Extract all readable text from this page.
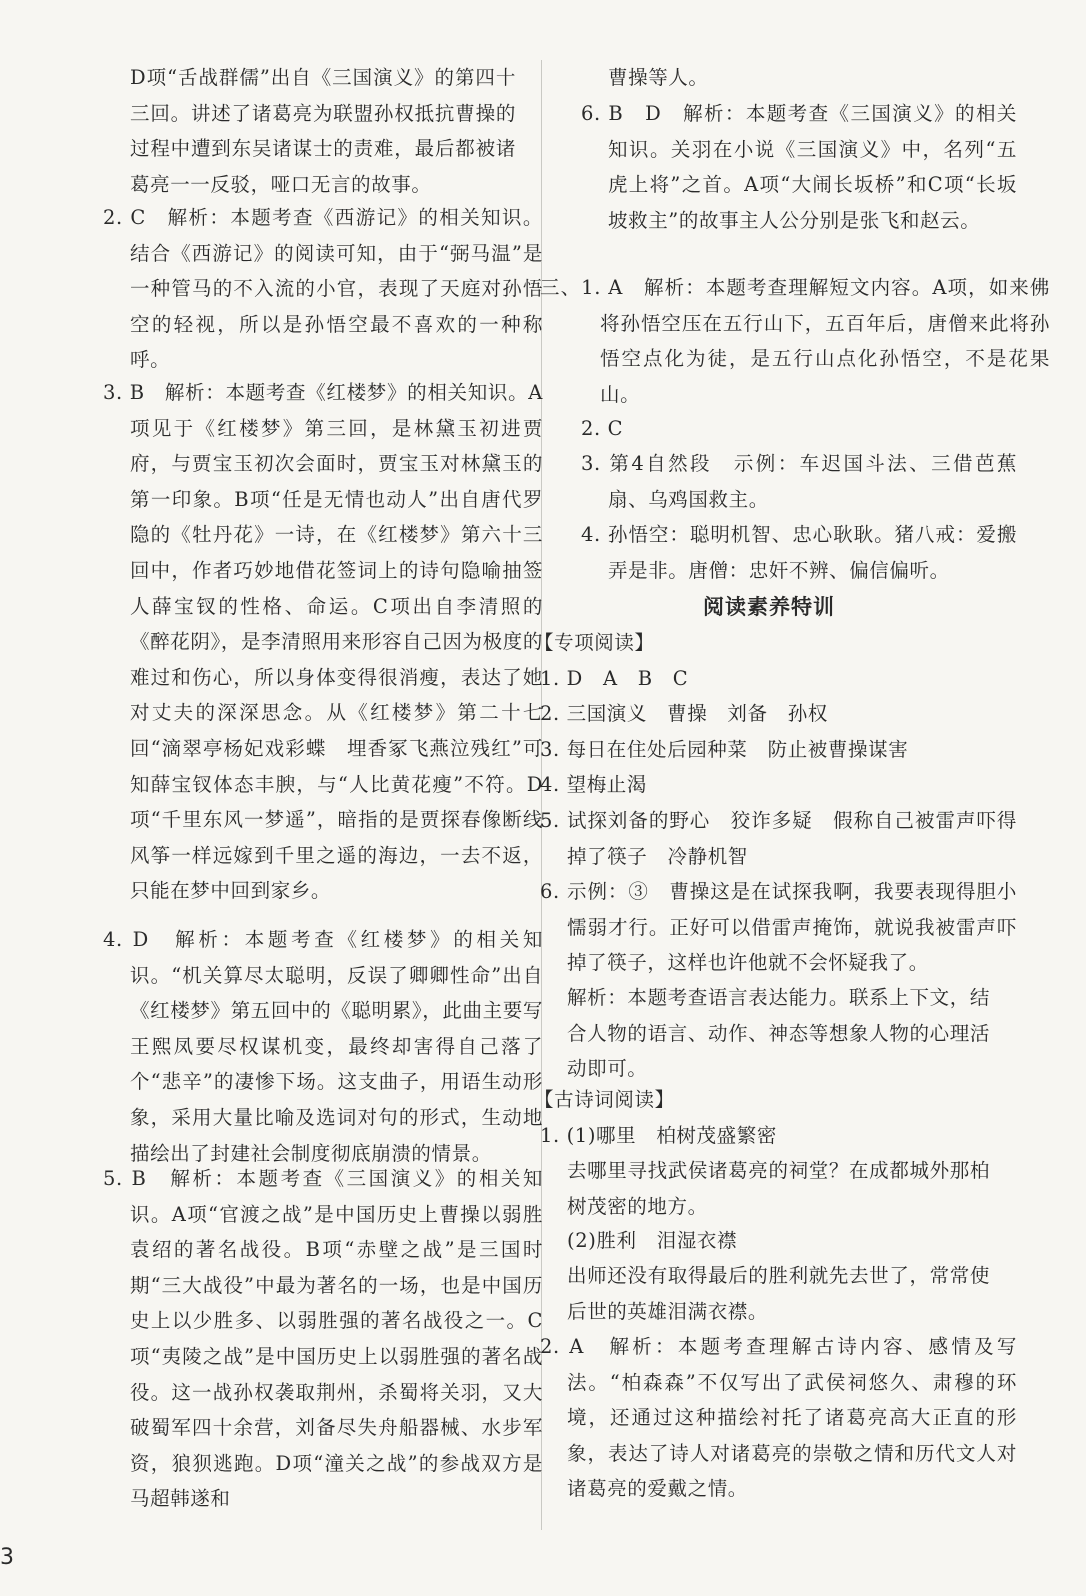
D项“舌战群儒”出自《三国演义》的第四十三回。讲述了诸葛亮为联盟孙权抵抗曹操的过程中遭到东吴诸谋士的责难，最后都被诸葛亮一一反驳，哑口无言的故事。

2. C　解析：本题考查《西游记》的相关知识。结合《西游记》的阅读可知，由于“弼马温”是一种管马的不入流的小官，表现了天庭对孙悟空的轻视，所以是孙悟空最不喜欢的一种称呼。

3. B　解析：本题考查《红楼梦》的相关知识。A项见于《红楼梦》第三回，是林黛玉初进贾府，与贾宝玉初次会面时，贾宝玉对林黛玉的第一印象。B项“任是无情也动人”出自唐代罗隐的《牡丹花》一诗，在《红楼梦》第六十三回中，作者巧妙地借花签词上的诗句隐喻抽签人薛宝钗的性格、命运。C项出自李清照的《醉花阴》，是李清照用来形容自己因为极度的难过和伤心，所以身体变得很消瘦，表达了她对丈夫的深深思念。从《红楼梦》第二十七回“滴翠亭杨妃戏彩蝶　埋香冢飞燕泣残红”可知薛宝钗体态丰腴，与“人比黄花瘦”不符。D项“千里东风一梦遥”，暗指的是贾探春像断线风筝一样远嫁到千里之遥的海边，一去不返，只能在梦中回到家乡。

4. D　解析：本题考查《红楼梦》的相关知识。“机关算尽太聪明，反误了卿卿性命”出自《红楼梦》第五回中的《聪明累》，此曲主要写王熙凤要尽权谋机变，最终却害得自己落了个“悲辛”的凄惨下场。这支曲子，用语生动形象，采用大量比喻及选词对句的形式，生动地描绘出了封建社会制度彻底崩溃的情景。

5. B　解析：本题考查《三国演义》的相关知识。A项“官渡之战”是中国历史上曹操以弱胜袁绍的著名战役。B项“赤壁之战”是三国时期“三大战役”中最为著名的一场，也是中国历史上以少胜多、以弱胜强的著名战役之一。C项“夷陵之战”是中国历史上以弱胜强的著名战役。这一战孙权袭取荆州，杀蜀将关羽，又大破蜀军四十余营，刘备尽失舟船器械、水步军资，狼狈逃跑。D项“潼关之战”的参战双方是马超韩遂和

曹操等人。

6. B　D　解析：本题考查《三国演义》的相关知识。关羽在小说《三国演义》中，名列“五虎上将”之首。A项“大闹长坂桥”和C项“长坂坡救主”的故事主人公分别是张飞和赵云。

三、1. A　解析：本题考查理解短文内容。A项，如来佛将孙悟空压在五行山下，五百年后，唐僧来此将孙悟空点化为徒，是五行山点化孙悟空，不是花果山。

2. C

3. 第4自然段　示例：车迟国斗法、三借芭蕉扇、乌鸡国救主。

4. 孙悟空：聪明机智、忠心耿耿。猪八戒：爱搬弄是非。唐僧：忠奸不辨、偏信偏听。

阅读素养特训

【专项阅读】

1. D　A　B　C

2. 三国演义　曹操　刘备　孙权

3. 每日在住处后园种菜　防止被曹操谋害

4. 望梅止渴

5. 试探刘备的野心　狡诈多疑　假称自己被雷声吓得掉了筷子　冷静机智

6. 示例：③　曹操这是在试探我啊，我要表现得胆小懦弱才行。正好可以借雷声掩饰，就说我被雷声吓掉了筷子，这样也许他就不会怀疑我了。

解析：本题考查语言表达能力。联系上下文，结合人物的语言、动作、神态等想象人物的心理活动即可。

【古诗词阅读】

1. (1)哪里　柏树茂盛繁密

去哪里寻找武侯诸葛亮的祠堂？在成都城外那柏树茂密的地方。

(2)胜利　泪湿衣襟

出师还没有取得最后的胜利就先去世了，常常使后世的英雄泪满衣襟。

2. A　解析：本题考查理解古诗内容、感情及写法。“柏森森”不仅写出了武侯祠悠久、肃穆的环境，还通过这种描绘衬托了诸葛亮高大正直的形象，表达了诗人对诸葛亮的崇敬之情和历代文人对诸葛亮的爱戴之情。

3
